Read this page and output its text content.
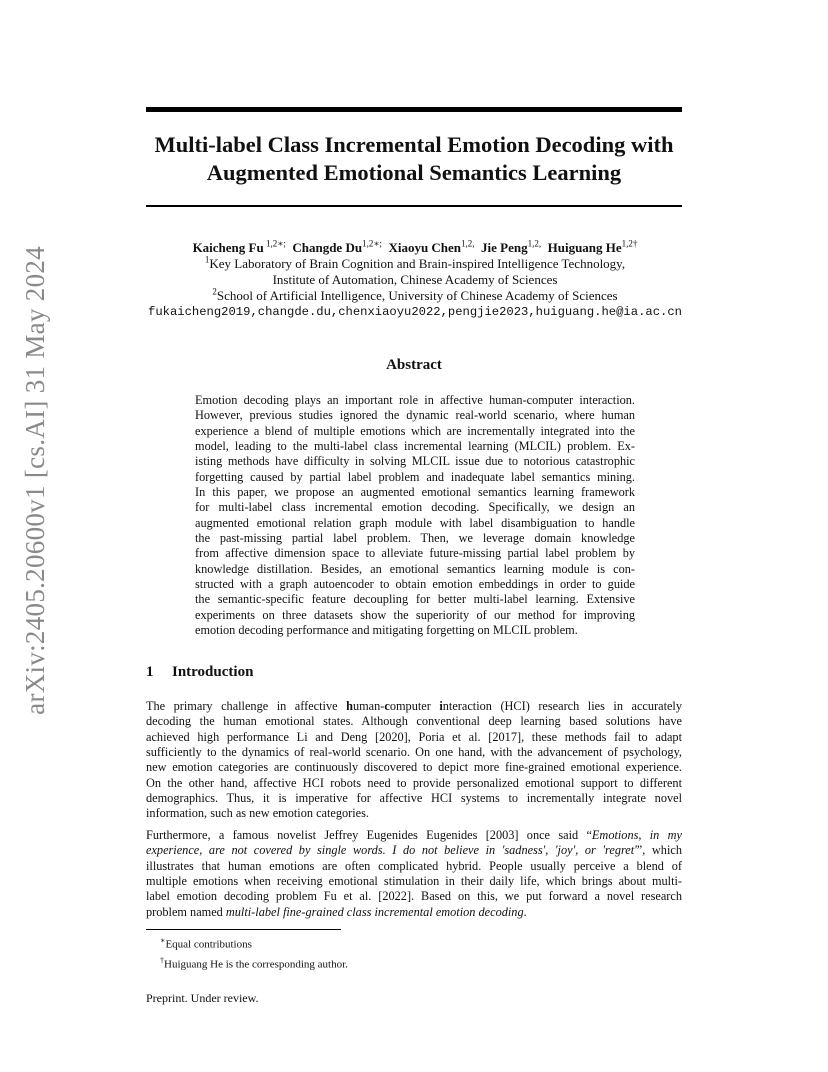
arXiv:2405.20600v1 [cs.AI] 31 May 2024
Multi-label Class Incremental Emotion Decoding with
Augmented Emotional Semantics Learning
Kaicheng Fu $^{1,2∗;}$ Changde $Du^{1,2∗;}$ Xiaoyu Chen$^{1,2,}$ Jie Peng$^{1,2,}$ Huiguang $He^{1,2\dagger}$
$^1$Key Laboratory of Brain Cognition and Brain-inspired Intelligence Technology,
Institute of Automation, Chinese Academy of Sciences
$^2$School of Artificial Intelligence, University of Chinese Academy of Sciences
fukaicheng2019,changde.du,chenxiaoyu2022,pengjie2023,huiguang.he@ia.ac.cn
Abstract
Emotion decoding plays an important role in affective human-computer interaction.
However, previous studies ignored the dynamic real-world scenario, where human
experience a blend of multiple emotions which are incrementally integrated into the
model, leading to the multi-label class incremental learning (MLCIL) problem. Ex-
isting methods have difficulty in solving MLCIL issue due to notorious catastrophic
forgetting caused by partial label problem and inadequate label semantics mining.
In this paper, we propose an augmented emotional semantics learning framework
for multi-label class incremental emotion decoding. Specifically, we design an
augmented emotional relation graph module with label disambiguation to handle
the past-missing partial label problem. Then, we leverage domain knowledge
from affective dimension space to alleviate future-missing partial label problem by
knowledge distillation. Besides, an emotional semantics learning module is con-
structed with a graph autoencoder to obtain emotion embeddings in order to guide
the semantic-specific feature decoupling for better multi-label learning. Extensive
experiments on three datasets show the superiority of our method for improving
emotion decoding performance and mitigating forgetting on MLCIL problem.
1 Introduction
The primary challenge in affective human-computer interaction (HCI) research lies in accurately
decoding the human emotional states. Although conventional deep learning based solutions have
achieved high performance Li and Deng [2020], Poria et al. [2017], these methods fail to adapt
sufficiently to the dynamics of real-world scenario. On one hand, with the advancement of psychology,
new emotion categories are continuously discovered to depict more fine-grained emotional experience.
On the other hand, affective HCI robots need to provide personalized emotional support to different
demographics. Thus, it is imperative for affective HCI systems to incrementally integrate novel
information, such as new emotion categories.
Furthermore, a famous novelist Jeffrey Eugenides Eugenides [2003] once said “Emotions, in my
experience, are not covered by single words. I do not believe in 'sadness', 'joy', or 'regret'”, which
illustrates that human emotions are often complicated hybrid. People usually perceive a blend of
multiple emotions when receiving emotional stimulation in their daily life, which brings about multi-
label emotion decoding problem Fu et al. [2022]. Based on this, we put forward a novel research
problem named multi-label fine-grained class incremental emotion decoding.
∗Equal contributions
†Huiguang He is the corresponding author.
Preprint. Under review.
